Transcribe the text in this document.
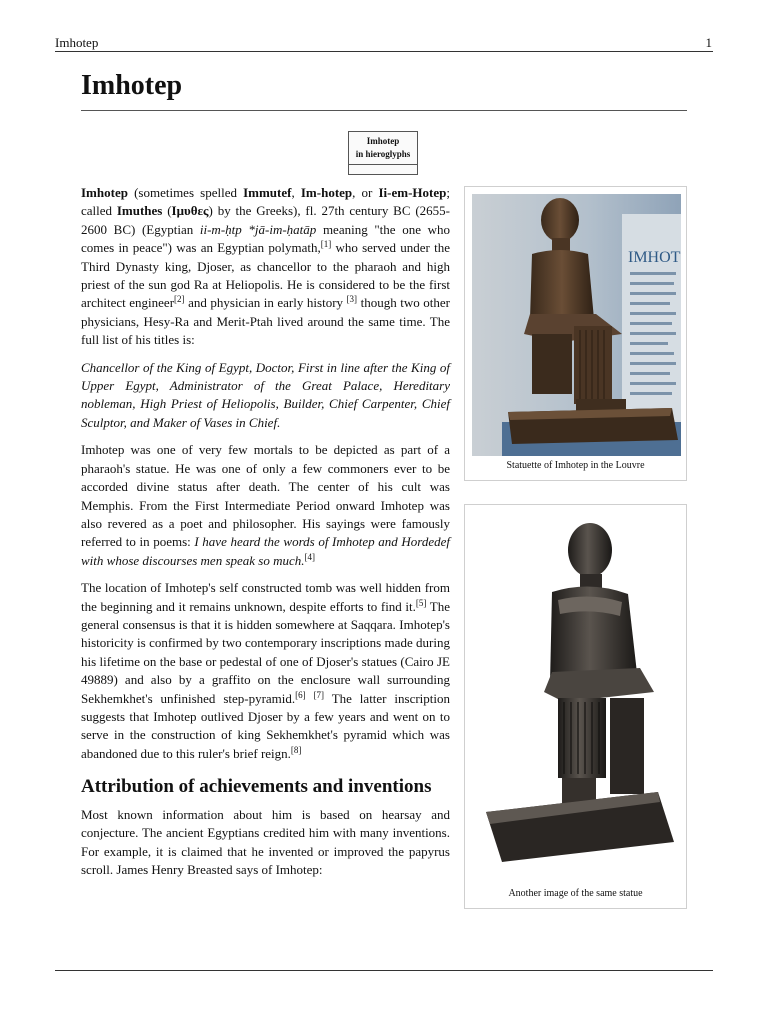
Imhotep	1
Imhotep
Imhotep
in hieroglyphs

Imhotep (sometimes spelled Immutef, Im-hotep, or Ii-em-Hotep; called Imuthes (Ιμυθες) by the Greeks), fl. 27th century BC (2655-2600 BC) (Egyptian ii-m-ḥtp *jā-im-ḥatāp meaning "the one who comes in peace") was an Egyptian polymath,[1] who served under the Third Dynasty king, Djoser, as chancellor to the pharaoh and high priest of the sun god Ra at Heliopolis. He is considered to be the first architect engineer[2] and physician in early history [3] though two other physicians, Hesy-Ra and Merit-Ptah lived around the same time. The full list of his titles is:

Chancellor of the King of Egypt, Doctor, First in line after the King of Upper Egypt, Administrator of the Great Palace, Hereditary nobleman, High Priest of Heliopolis, Builder, Chief Carpenter, Chief Sculptor, and Maker of Vases in Chief.

Imhotep was one of very few mortals to be depicted as part of a pharaoh's statue. He was one of only a few commoners ever to be accorded divine status after death. The center of his cult was Memphis. From the First Intermediate Period onward Imhotep was also revered as a poet and philosopher. His sayings were famously referred to in poems: I have heard the words of Imhotep and Hordedef with whose discourses men speak so much.[4]

The location of Imhotep's self constructed tomb was well hidden from the beginning and it remains unknown, despite efforts to find it.[5] The general consensus is that it is hidden somewhere at Saqqara. Imhotep's historicity is confirmed by two contemporary inscriptions made during his lifetime on the base or pedestal of one of Djoser's statues (Cairo JE 49889) and also by a graffito on the enclosure wall surrounding Sekhemkhet's unfinished step-pyramid.[6] [7] The latter inscription suggests that Imhotep outlived Djoser by a few years and went on to serve in the construction of king Sekhemkhet's pyramid which was abandoned due to this ruler's brief reign.[8]

Attribution of achievements and inventions

Most known information about him is based on hearsay and conjecture. The ancient Egyptians credited him with many inventions. For example, it is claimed that he invented or improved the papyrus scroll. James Henry Breasted says of Imhotep:

IMHOT
Statuette of Imhotep in the Louvre
Another image of the same statue
